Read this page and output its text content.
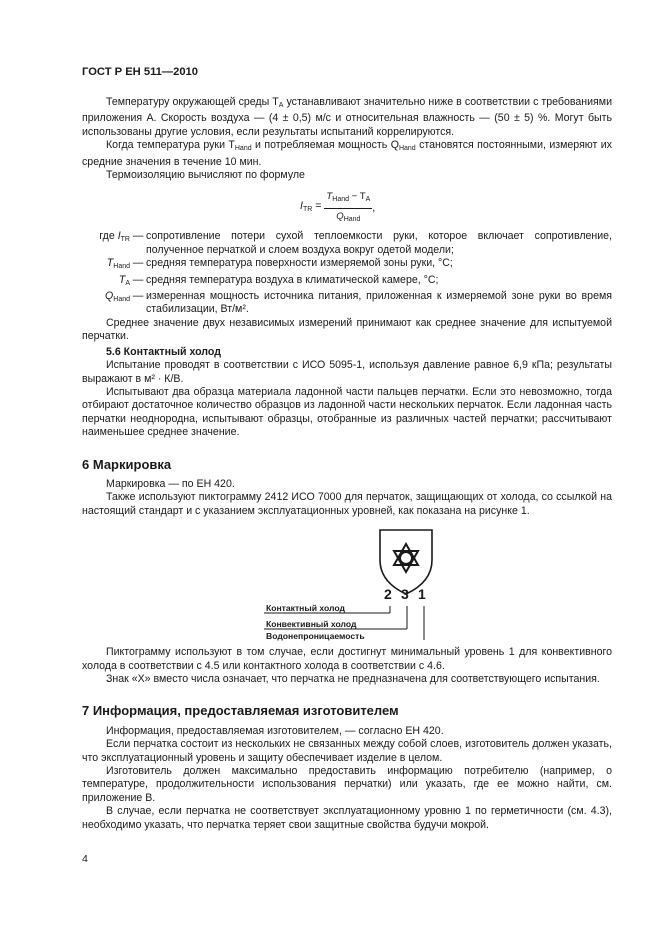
ГОСТ Р ЕН 511—2010

Температуру окружающей среды $T_A$ устанавливают значительно ниже в соответствии с требованиями приложения А. Скорость воздуха — (4 ± 0,5) м/с и относительная влажность — (50 ± 5) %. Могут быть использованы другие условия, если результаты испытаний коррелируются.

Когда температура руки $T_{Hand}$ и потребляемая мощность $Q_{Hand}$ становятся постоянными, измеряют их средние значения в течение 10 мин.

Термоизоляцию вычисляют по формуле

$I_{TR} = \frac{T_{Hand} - T_A}{Q_{Hand}}$ ,
где $I_{TR}$ — сопротивление потери сухой теплоемкости руки, которое включает сопротивление, полученное перчаткой и слоем воздуха вокруг одетой модели;
$T_{Hand}$ — средняя температура поверхности измеряемой зоны руки, °С;
$T_A$ — средняя температура воздуха в климатической камере, °С;
$Q_{Hand}$ — измеренная мощность источника питания, приложенная к измеряемой зоне руки во время стабилизации, Вт/м².

Среднее значение двух независимых измерений принимают как среднее значение для испытуемой перчатки.

5.6 Контактный холод

Испытание проводят в соответствии с ИСО 5095-1, используя давление равное 6,9 кПа; результаты выражают в м² · К/В.

Испытывают два образца материала ладонной части пальцев перчатки. Если это невозможно, тогда отбирают достаточное количество образцов из ладонной части нескольких перчаток. Если ладонная часть перчатки неоднородна, испытывают образцы, отобранные из различных частей перчатки; рассчитывают наименьшее среднее значение.

6 Маркировка

Маркировка — по ЕН 420.

Также используют пиктограмму 2412 ИСО 7000 для перчаток, защищающих от холода, со ссылкой на настоящий стандарт и с указанием эксплуатационных уровней, как показана на рисунке 1.

2 3 1
Контактный холод
Конвективный холод
Водонепроницаемость

Пиктограмму используют в том случае, если достигнут минимальный уровень 1 для конвективного холода в соответствии с 4.5 или контактного холода в соответствии с 4.6.

Знак «Х» вместо числа означает, что перчатка не предназначена для соответствующего испытания.

7 Информация, предоставляемая изготовителем

Информация, предоставляемая изготовителем, — согласно ЕН 420.

Если перчатка состоит из нескольких не связанных между собой слоев, изготовитель должен указать, что эксплуатационный уровень и защиту обеспечивает изделие в целом.

Изготовитель должен максимально предоставить информацию потребителю (например, о температуре, продолжительности использования перчатки) или указать, где ее можно найти, см. приложение В.

В случае, если перчатка не соответствует эксплуатационному уровню 1 по герметичности (см. 4.3), необходимо указать, что перчатка теряет свои защитные свойства будучи мокрой.

4
